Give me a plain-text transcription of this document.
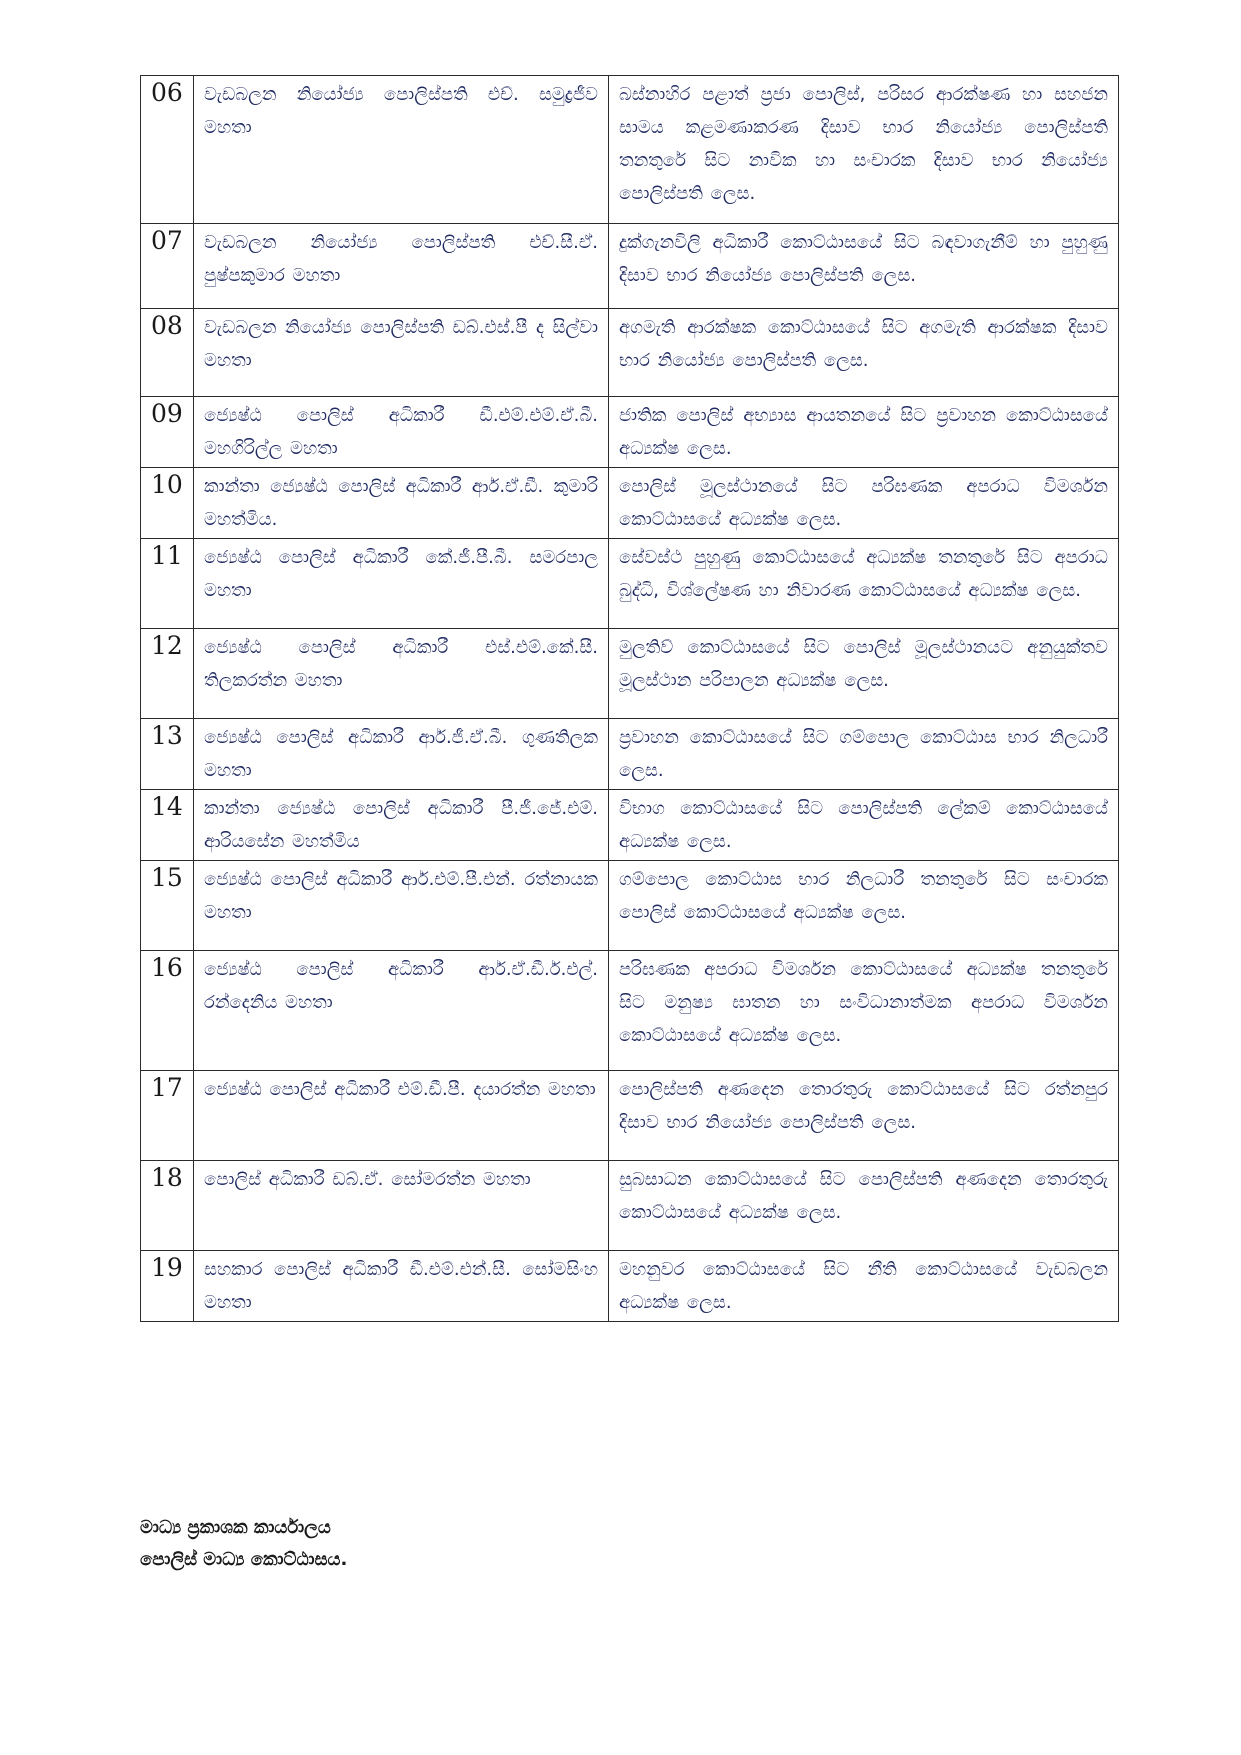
06	වැඩබලන නියෝජ්‍ය පොලිස්පති එච්. සමුද්‍රජීව මහතා	බස්නාහිර පළාත් ප්‍රජා පොලිස්, පරිසර ආරක්ෂණ හා සහජන සාමය කළමණාකරණ දිසාව භාර නියෝජ්‍ය පොලිස්පති තනතුරේ සිට නාවික හා සංචාරක දිසාව භාර නියෝජ්‍ය පොලිස්පති ලෙස.
07	වැඩබලන නියෝජ්‍ය පොලිස්පති එච්.සී.ඒ. පුෂ්පකුමාර මහතා	දුක්ගැනවිලි අධිකාරී කොට්ඨාසයේ සිට බඳවාගැනීම් හා පුහුණු දිසාව භාර නියෝජ්‍ය පොලිස්පති ලෙස.
08	වැඩබලන නියෝජ්‍ය පොලිස්පති ඩබ්.එස්.පී ද සිල්වා මහතා	අගමැති ආරක්ෂක කොට්ඨාසයේ සිට අගමැති ආරක්ෂක දිසාව භාර නියෝජ්‍ය පොලිස්පති ලෙස.
09	ජ්‍යෙෂ්ඨ පොලිස් අධිකාරී ඩී.එම්.එම්.ඒ.බී. මහගිරිල්ල මහතා	ජාතික පොලිස් අභ්‍යාස ආයතනයේ සිට ප්‍රවාහන කොට්ඨාසයේ අධ්‍යක්ෂ ලෙස.
10	කාන්තා ජ්‍යෙෂ්ඨ පොලිස් අධිකාරී ආර්.ඒ.ඩී. කුමාරි මහත්මිය.	පොලිස් මූලස්ථානයේ සිට පරිඝණක අපරාධ විමර්ශන කොට්ඨාසයේ අධ්‍යක්ෂ ලෙස.
11	ජ්‍යෙෂ්ඨ පොලිස් අධිකාරී කේ.ජී.පී.බී. සමරපාල මහතා	සේවස්ථ පුහුණු කොට්ඨාසයේ අධ්‍යක්ෂ තනතුරේ සිට අපරාධ බුද්ධි, විශ්ලේෂණ හා නිවාරණ කොට්ඨාසයේ අධ්‍යක්ෂ ලෙස.
12	ජ්‍යෙෂ්ඨ පොලිස් අධිකාරී එස්.එම්.කේ.සී. තිලකරත්න මහතා	මුලතිව් කොට්ඨාසයේ සිට පොලිස් මූලස්ථානයට අනුයුක්තව මූලස්ථාන පරිපාලන අධ්‍යක්ෂ ලෙස.
13	ජ්‍යෙෂ්ඨ පොලිස් අධිකාරී ආර්.ජී.ඒ.බී. ගුණතිලක මහතා	ප්‍රවාහන කොට්ඨාසයේ සිට ගම්පොල කොට්ඨාස භාර නිලධාරී ලෙස.
14	කාන්තා ජ්‍යෙෂ්ඨ පොලිස් අධිකාරී පී.ජී.ජේ.එම්. ආරියසේන මහත්මිය	විභාග කොට්ඨාසයේ සිට පොලිස්පති ලේකම් කොට්ඨාසයේ අධ්‍යක්ෂ ලෙස.
15	ජ්‍යෙෂ්ඨ පොලිස් අධිකාරී ආර්.එම්.පී.එන්. රත්නායක මහතා	ගම්පොල කොට්ඨාස භාර නිලධාරී තනතුරේ සිට සංචාරක පොලිස් කොට්ඨාසයේ අධ්‍යක්ෂ ලෙස.
16	ජ්‍යෙෂ්ඨ පොලිස් අධිකාරී ආර්.ඒ.ඩී.ර්.එල්. රන්දෙනිය මහතා	පරිඝණක අපරාධ විමර්ශන කොට්ඨාසයේ අධ්‍යක්ෂ තනතුරේ සිට මනුෂ්‍ය ඝාතන හා සංවිධානාත්මක අපරාධ විමර්ශන කොට්ඨාසයේ අධ්‍යක්ෂ ලෙස.
17	ජ්‍යෙෂ්ඨ පොලිස් අධිකාරී එම්.ඩී.පී. දයාරත්න මහතා	පොලිස්පති අණදෙන තොරතුරු කොට්ඨාසයේ සිට රත්නපුර දිසාව භාර නියෝජ්‍ය පොලිස්පති ලෙස.
18	පොලිස් අධිකාරී ඩබ්.ඒ. සෝමරත්න මහතා	සුබසාධන කොට්ඨාසයේ සිට පොලිස්පති අණදෙන තොරතුරු කොට්ඨාසයේ අධ්‍යක්ෂ ලෙස.
19	සහකාර පොලිස් අධිකාරී ඩී.එම්.එන්.සී. සෝමසිංහ මහතා	මහනුවර කොට්ඨාසයේ සිට නීති කොට්ඨාසයේ වැඩබලන අධ්‍යක්ෂ ලෙස.
මාධ්‍ය ප්‍රකාශක කාර්යාලය
පොලිස් මාධ්‍ය කොට්ඨාසය.
